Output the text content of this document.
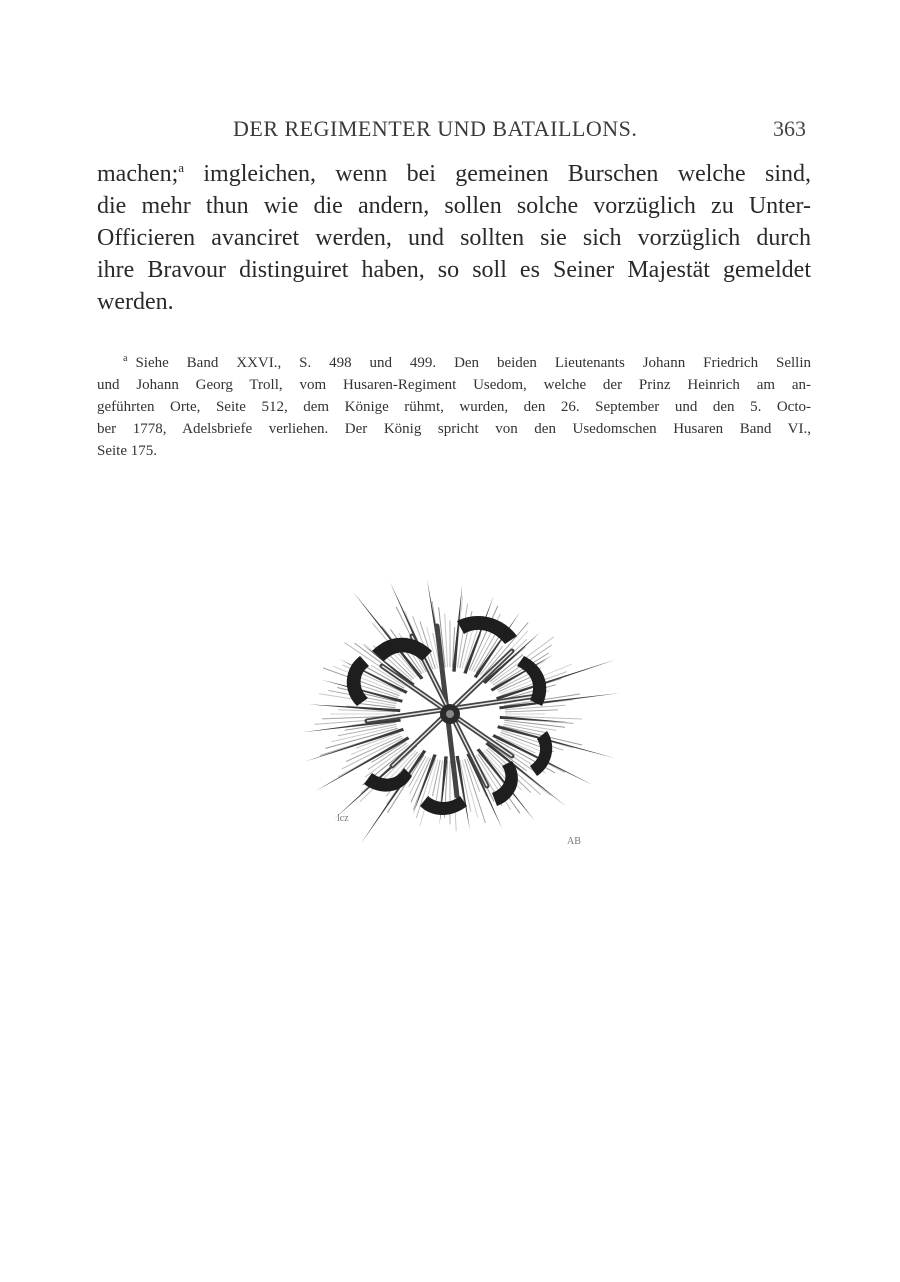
DER REGIMENTER UND BATAILLONS.	363
machen;$^a$ imgleichen, wenn bei gemeinen Burschen welche sind,
die mehr thun wie die andern, sollen solche vorzüglich zu Unter-
Officieren avanciret werden, und sollten sie sich vorzüglich durch
ihre Bravour distinguiret haben, so soll es Seiner Majestät gemeldet
werden.
$^a$ Siehe Band XXVI., S. 498 und 499. Den beiden Lieutenants Johann Friedrich Sellin
und Johann Georg Troll, vom Husaren-Regiment Usedom, welche der Prinz Heinrich am an-
geführten Orte, Seite 512, dem Könige rühmt, wurden, den 26. September und den 5. Octo-
ber 1778, Adelsbriefe verliehen. Der König spricht von den Usedomschen Husaren Band VI.,
Seite 175.
lcz
AB
